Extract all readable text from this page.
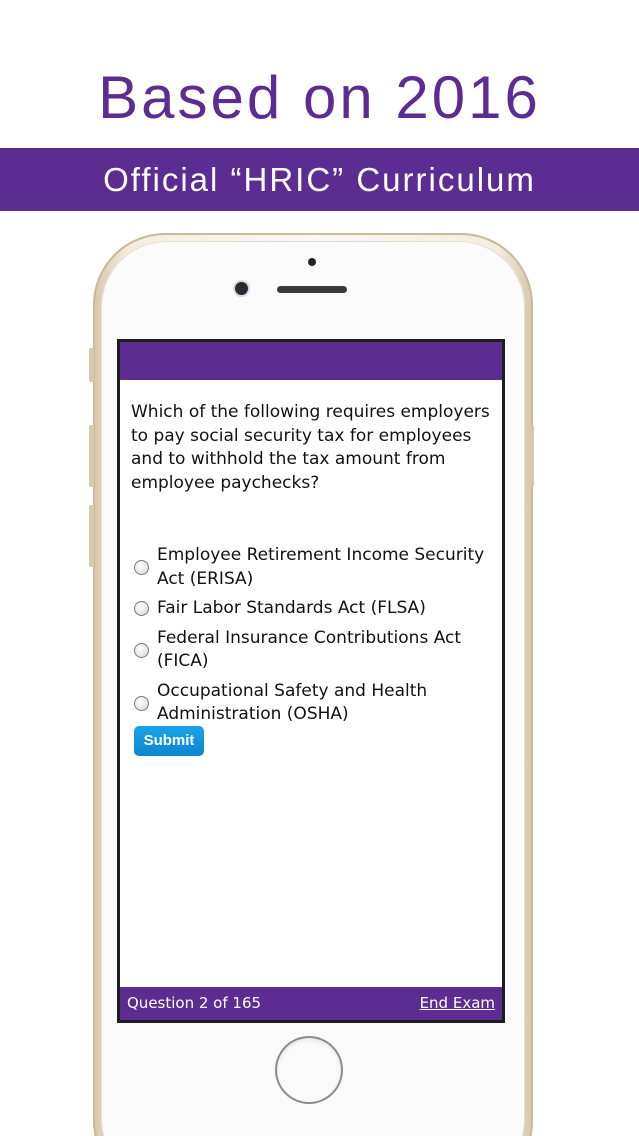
Based on 2016
Official “HRIC” Curriculum
Which of the following requires employers to pay social security tax for employees and to withhold the tax amount from employee paychecks?
Employee Retirement Income Security Act (ERISA)
Fair Labor Standards Act (FLSA)
Federal Insurance Contributions Act (FICA)
Occupational Safety and Health Administration (OSHA)
Submit
Question 2 of 165	End Exam
